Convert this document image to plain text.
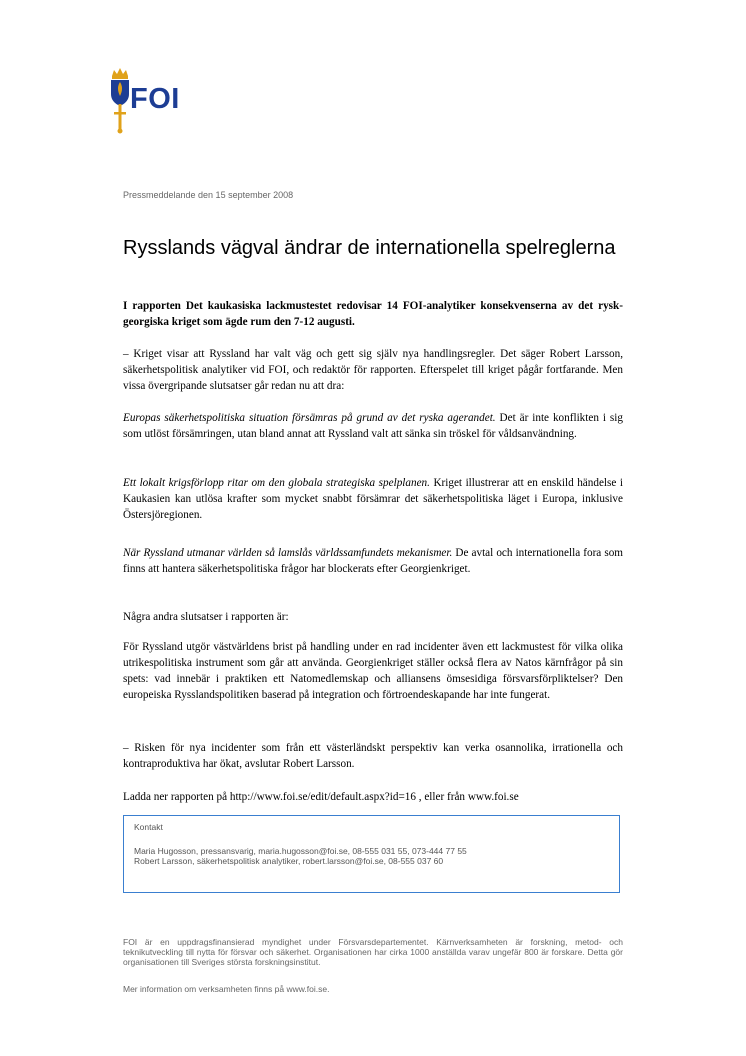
FOI
Pressmeddelande den 15 september 2008
Rysslands vägval ändrar de internationella spelreglerna

I rapporten Det kaukasiska lackmustestet redovisar 14 FOI-analytiker konsekvenserna av det rysk-georgiska kriget som ägde rum den 7-12 augusti.

– Kriget visar att Ryssland har valt väg och gett sig själv nya handlingsregler. Det säger Robert Larsson, säkerhetspolitisk analytiker vid FOI, och redaktör för rapporten. Efterspelet till kriget pågår fortfarande. Men vissa övergripande slutsatser går redan nu att dra:

Europas säkerhetspolitiska situation försämras på grund av det ryska agerandet. Det är inte konflikten i sig som utlöst försämringen, utan bland annat att Ryssland valt att sänka sin tröskel för våldsanvändning.

Ett lokalt krigsförlopp ritar om den globala strategiska spelplanen. Kriget illustrerar att en enskild händelse i Kaukasien kan utlösa krafter som mycket snabbt försämrar det säkerhetspolitiska läget i Europa, inklusive Östersjöregionen.

När Ryssland utmanar världen så lamslås världssamfundets mekanismer. De avtal och internationella fora som finns att hantera säkerhetspolitiska frågor har blockerats efter Georgienkriget.

Några andra slutsatser i rapporten är:

För Ryssland utgör västvärldens brist på handling under en rad incidenter även ett lackmustest för vilka olika utrikespolitiska instrument som går att använda. Georgienkriget ställer också flera av Natos kärnfrågor på sin spets: vad innebär i praktiken ett Natomedlemskap och alliansens ömsesidiga försvarsförpliktelser? Den europeiska Rysslandspolitiken baserad på integration och förtroendeskapande har inte fungerat.

– Risken för nya incidenter som från ett västerländskt perspektiv kan verka osannolika, irrationella och kontraproduktiva har ökat, avslutar Robert Larsson.

Ladda ner rapporten på http://www.foi.se/edit/default.aspx?id=16 , eller från www.foi.se

Kontakt
Maria Hugosson, pressansvarig, maria.hugosson@foi.se, 08-555 031 55, 073-444 77 55
Robert Larsson, säkerhetspolitisk analytiker, robert.larsson@foi.se, 08-555 037 60

FOI är en uppdragsfinansierad myndighet under Försvarsdepartementet. Kärnverksamheten är forskning, metod- och teknikutveckling till nytta för försvar och säkerhet. Organisationen har cirka 1000 anställda varav ungefär 800 är forskare. Detta gör organisationen till Sveriges största forskningsinstitut.

Mer information om verksamheten finns på www.foi.se.
